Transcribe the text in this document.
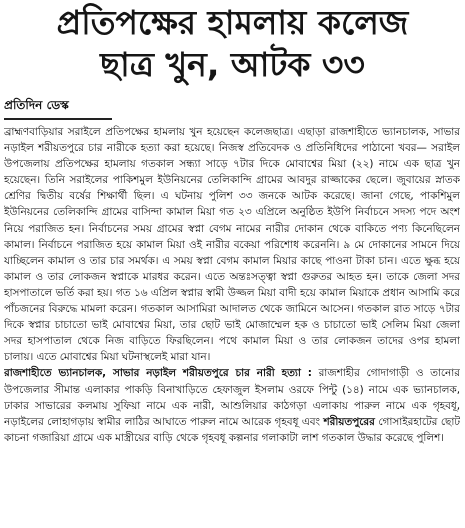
প্রতিপক্ষের হামলায় কলেজ
ছাত্র খুন, আটক ৩৩
প্রতিদিন ডেস্ক

ব্রাহ্মণবাড়িয়ার সরাইলে প্রতিপক্ষের হামলায় খুন হয়েছেন কলেজছাত্র। এছাড়া রাজশাহীতে ভ্যানচালক, সাভার নড়াইল শরীয়তপুরে চার নারীকে হত্যা করা হয়েছে। নিজস্ব প্রতিবেদক ও প্রতিনিধিদের পাঠানো খবর— সরাইল উপজেলায় প্রতিপক্ষের হামলায় গতকাল সন্ধ্যা সাড়ে ৭টার দিকে মোবাশ্বের মিয়া (২২) নামে এক ছাত্র খুন হয়েছেন। তিনি সরাইলের পাকিশমুল ইউনিয়নের তেলিকান্দি গ্রামের আবদুর রাজ্জাকের ছেলে। জুবায়ের স্নাতক শ্রেণির দ্বিতীয় বর্ষের শিক্ষার্থী ছিল। এ ঘটনায় পুলিশ ৩৩ জনকে আটক করেছে। জানা গেছে, পাকশিমুল ইউনিয়নের তেলিকান্দি গ্রামের বাসিন্দা কামাল মিয়া গত ২৩ এপ্রিলে অনুষ্ঠিত ইউপি নির্বাচনে সদস্য পদে অংশ নিয়ে পরাজিত হন। নির্বাচনের সময় গ্রামের স্বপ্না বেগম নামের নারীর দোকান থেকে বাকিতে পণ্য কিনেছিলেন কামাল। নির্বাচনে পরাজিত হয়ে কামাল মিয়া ওই নারীর বকেয়া পরিশোধ করেননি। ৯ মে দোকানের সামনে দিয়ে যাচ্ছিলেন কামাল ও তার চার সমর্থক। এ সময় স্বপ্না বেগম কামাল মিয়ার কাছে পাওনা টাকা চান। এতে ক্ষুব্ধ হয়ে কামাল ও তার লোকজন স্বপ্নাকে মারধর করেন। এতে অন্তঃসত্ত্বা স্বপ্না গুরুতর আহত হন। তাকে জেলা সদর হাসপাতালে ভর্তি করা হয়। গত ১৬ এপ্রিল স্বপ্নার স্বামী উজ্জল মিয়া বাদী হয়ে কামাল মিয়াকে প্রধান আসামি করে পাঁচজনের বিরুদ্ধে মামলা করেন। গতকাল আসামিরা আদালত থেকে জামিনে আসেন। গতকাল রাত সাড়ে ৭টার দিকে স্বপ্নার চাচাতো ভাই মোবাশ্বের মিয়া, তার ছোট ভাই মোজাম্মেল হক ও চাচাতো ভাই সেলিম মিয়া জেলা সদর হাসপাতাল থেকে নিজ বাড়িতে ফিরছিলেন। পথে কামাল মিয়া ও তার লোকজন তাদের ওপর হামলা চালায়। এতে মোবাশ্বের মিয়া ঘটনাস্থলেই মারা যান।

রাজশাহীতে ভ্যানচালক, সাভার নড়াইল শরীয়তপুরে চার নারী হত্যা : রাজশাহীর গোদাগাড়ী ও তানোর উপজেলার সীমান্ত এলাকার পাকড়ি বিনাখাড়িতে হেফাজুল ইসলাম ওরফে পিন্টু (১৪) নামে এক ভ্যানচালক, ঢাকার সাভারের কলমায় সুফিয়া নামে এক নারী, আশুলিয়ার কাঠগড়া এলাকায় পারুল নামে এক গৃহবধূ, নড়াইলের লোহাগড়ায় স্বামীর লাঠির আঘাতে পারুল নামে আরেক গৃহবধূ এবং শরীয়তপুরের গোসাইরহাটের ছোট কাচনা গজারিয়া গ্রামে এক মাস্ত্রীয়ের বাড়ি থেকে গৃহবধূ কল্পনার গলাকাটা লাশ গতকাল উদ্ধার করেছে পুলিশ।
